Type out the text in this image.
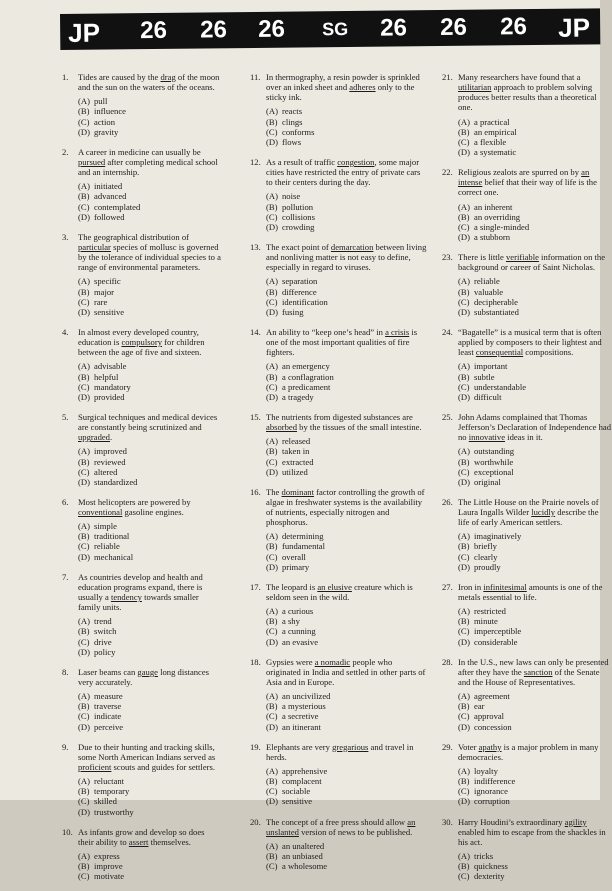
JP 26 26 26 SG 26 26 26 JP
1.	Tides are caused by the drag of the moon and the sun on the waters of the oceans.
(A) pull
(B) influence
(C) action
(D) gravity
2.	A career in medicine can usually be pursued after completing medical school and an internship.
(A) initiated
(B) advanced
(C) contemplated
(D) followed
3.	The geographical distribution of particular species of mollusc is governed by the tolerance of individual species to a range of environmental parameters.
(A) specific
(B) major
(C) rare
(D) sensitive
4.	In almost every developed country, education is compulsory for children between the age of five and sixteen.
(A) advisable
(B) helpful
(C) mandatory
(D) provided
5.	Surgical techniques and medical devices are constantly being scrutinized and upgraded.
(A) improved
(B) reviewed
(C) altered
(D) standardized
6.	Most helicopters are powered by conventional gasoline engines.
(A) simple
(B) traditional
(C) reliable
(D) mechanical
7.	As countries develop and health and education programs expand, there is usually a tendency towards smaller family units.
(A) trend
(B) switch
(C) drive
(D) policy
8.	Laser beams can gauge long distances very accurately.
(A) measure
(B) traverse
(C) indicate
(D) perceive
9.	Due to their hunting and tracking skills, some North American Indians served as proficient scouts and guides for settlers.
(A) reluctant
(B) temporary
(C) skilled
(D) trustworthy
10. As infants grow and develop so does their ability to assert themselves.
(A) express
(B) improve
(C) motivate
11. In thermography, a resin powder is sprinkled over an inked sheet and adheres only to the sticky ink.
(A) reacts
(B) clings
(C) conforms
(D) flows
12. As a result of traffic congestion, some major cities have restricted the entry of private cars to their centers during the day.
(A) noise
(B) pollution
(C) collisions
(D) crowding
13. The exact point of demarcation between living and nonliving matter is not easy to define, especially in regard to viruses.
(A) separation
(B) difference
(C) identification
(D) fusing
14. An ability to “keep one’s head” in a crisis is one of the most important qualities of fire fighters.
(A) an emergency
(B) a conflagration
(C) a predicament
(D) a tragedy
15. The nutrients from digested substances are absorbed by the tissues of the small intestine.
(A) released
(B) taken in
(C) extracted
(D) utilized
16. The dominant factor controlling the growth of algae in freshwater systems is the availability of nutrients, especially nitrogen and phosphorus.
(A) determining
(B) fundamental
(C) overall
(D) primary
17. The leopard is an elusive creature which is seldom seen in the wild.
(A) a curious
(B) a shy
(C) a cunning
(D) an evasive
18. Gypsies were a nomadic people who originated in India and settled in other parts of Asia and in Europe.
(A) an uncivilized
(B) a mysterious
(C) a secretive
(D) an itinerant
19. Elephants are very gregarious and travel in herds.
(A) apprehensive
(B) complacent
(C) sociable
(D) sensitive
20. The concept of a free press should allow an unslanted version of news to be published.
(A) an unaltered
(B) an unbiased
(C) a wholesome
21. Many researchers have found that a utilitarian approach to problem solving produces better results than a theoretical one.
(A) a practical
(B) an empirical
(C) a flexible
(D) a systematic
22. Religious zealots are spurred on by an intense belief that their way of life is the correct one.
(A) an inherent
(B) an overriding
(C) a single-minded
(D) a stubborn
23. There is little verifiable information on the background or career of Saint Nicholas.
(A) reliable
(B) valuable
(C) decipherable
(D) substantiated
24. “Bagatelle” is a musical term that is often applied by composers to their lightest and least consequential compositions.
(A) important
(B) subtle
(C) understandable
(D) difficult
25. John Adams complained that Thomas Jefferson’s Declaration of Independence had no innovative ideas in it.
(A) outstanding
(B) worthwhile
(C) exceptional
(D) original
26. The Little House on the Prairie novels of Laura Ingalls Wilder lucidly describe the life of early American settlers.
(A) imaginatively
(B) briefly
(C) clearly
(D) proudly
27. Iron in infinitesimal amounts is one of the metals essential to life.
(A) restricted
(B) minute
(C) imperceptible
(D) considerable
28. In the U.S., new laws can only be presented after they have the sanction of the Senate and the House of Representatives.
(A) agreement
(B) ear
(C) approval
(D) concession
29. Voter apathy is a major problem in many democracies.
(A) loyalty
(B) indifference
(C) ignorance
(D) corruption
30. Harry Houdini’s extraordinary agility enabled him to escape from the shackles in his act.
(A) tricks
(B) quickness
(C) dexterity
